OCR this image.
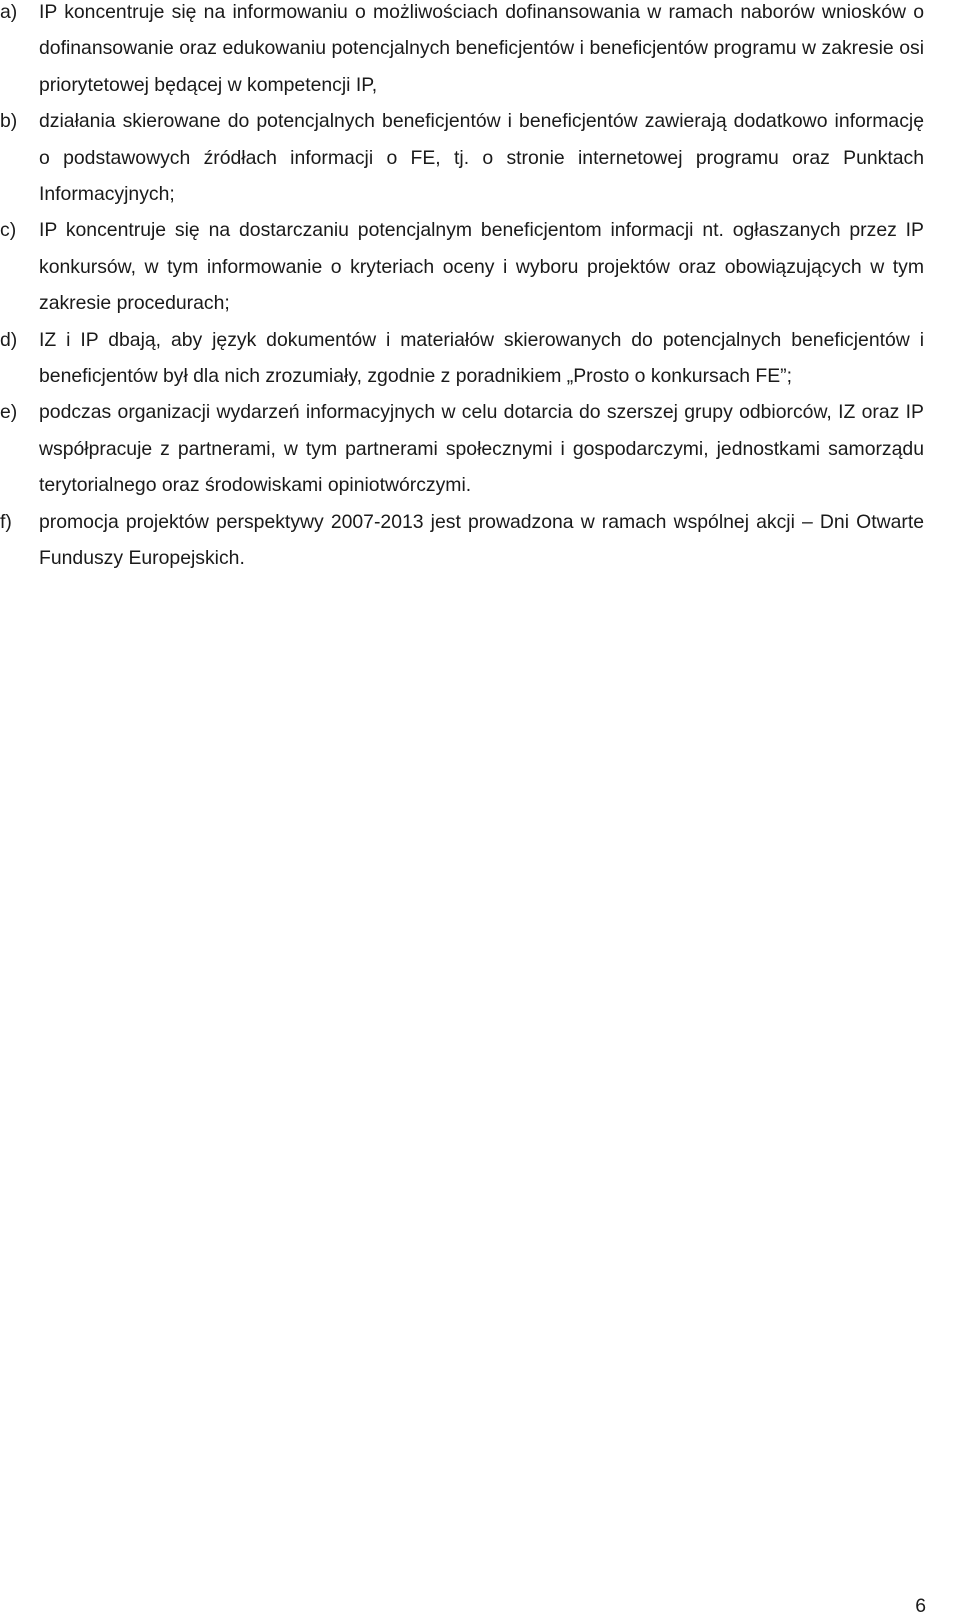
a)	IP koncentruje się na informowaniu o możliwościach dofinansowania w ramach naborów wniosków o dofinansowanie oraz edukowaniu potencjalnych beneficjentów i beneficjentów programu w zakresie osi priorytetowej będącej w kompetencji IP,
b)	działania skierowane do potencjalnych beneficjentów i beneficjentów zawierają dodatkowo informację o podstawowych źródłach informacji o FE, tj. o stronie internetowej programu oraz Punktach Informacyjnych;
c)	IP koncentruje się na dostarczaniu potencjalnym beneficjentom informacji nt. ogłaszanych przez IP konkursów, w tym informowanie o kryteriach oceny i wyboru projektów oraz obowiązujących w tym zakresie procedurach;
d)	IZ i IP dbają, aby język dokumentów i materiałów skierowanych do potencjalnych beneficjentów i beneficjentów był dla nich zrozumiały, zgodnie z poradnikiem „Prosto o konkursach FE”;
e)	podczas organizacji wydarzeń informacyjnych w celu dotarcia do szerszej grupy odbiorców, IZ oraz IP współpracuje z partnerami, w tym partnerami społecznymi i gospodarczymi, jednostkami samorządu terytorialnego oraz środowiskami opiniotwórczymi.
f)	promocja projektów perspektywy 2007-2013 jest prowadzona w ramach wspólnej akcji – Dni Otwarte Funduszy Europejskich.
6
